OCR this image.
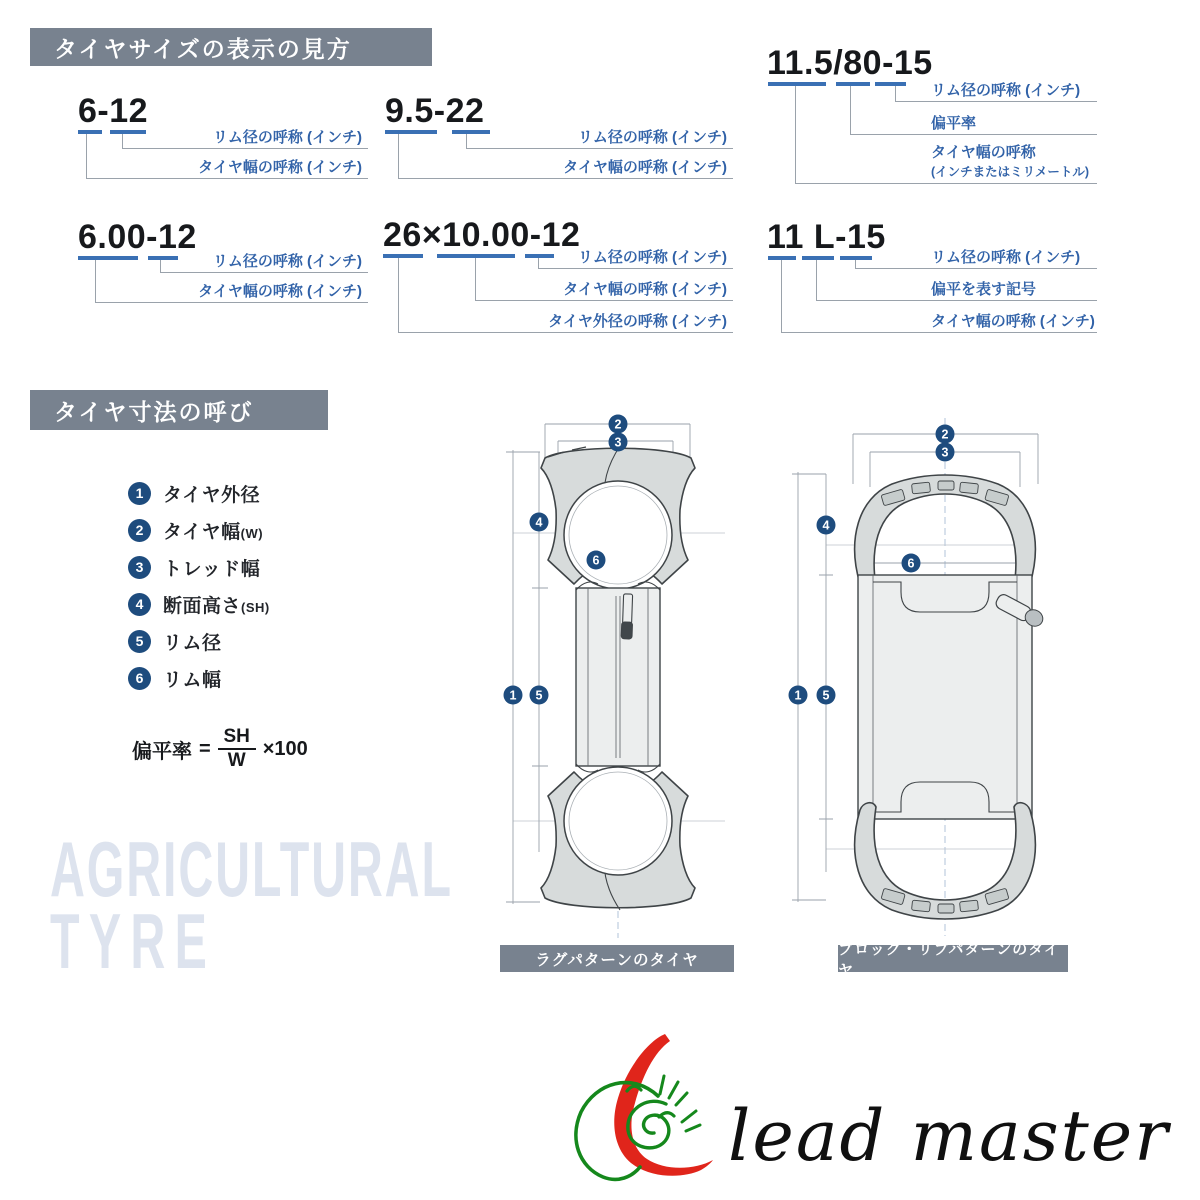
AGRICULTURAL
TYRE
タイヤサイズの表示の見方
タイヤ寸法の呼び
6-12
リム径の呼称 (インチ)
タイヤ幅の呼称 (インチ)
9.5-22
リム径の呼称 (インチ)
タイヤ幅の呼称 (インチ)
11.5/80-15
リム径の呼称 (インチ)
偏平率
タイヤ幅の呼称
(インチまたはミリメートル)
6.00-12
リム径の呼称 (インチ)
タイヤ幅の呼称 (インチ)
26×10.00-12
リム径の呼称 (インチ)
タイヤ幅の呼称 (インチ)
タイヤ外径の呼称 (インチ)
11 L-15
リム径の呼称 (インチ)
偏平を表す記号
タイヤ幅の呼称 (インチ)
1	タイヤ外径
2	タイヤ幅(W)
3	トレッド幅
4	断面高さ(SH)
5	リム径
6	リム幅
偏平率 = $\frac{SH}{W} \times 100$
2
3
4
6
1 5
ラグパターンのタイヤ
2
3
4
6
1 5
ブロック・リブパターンのタイヤ
lead master
